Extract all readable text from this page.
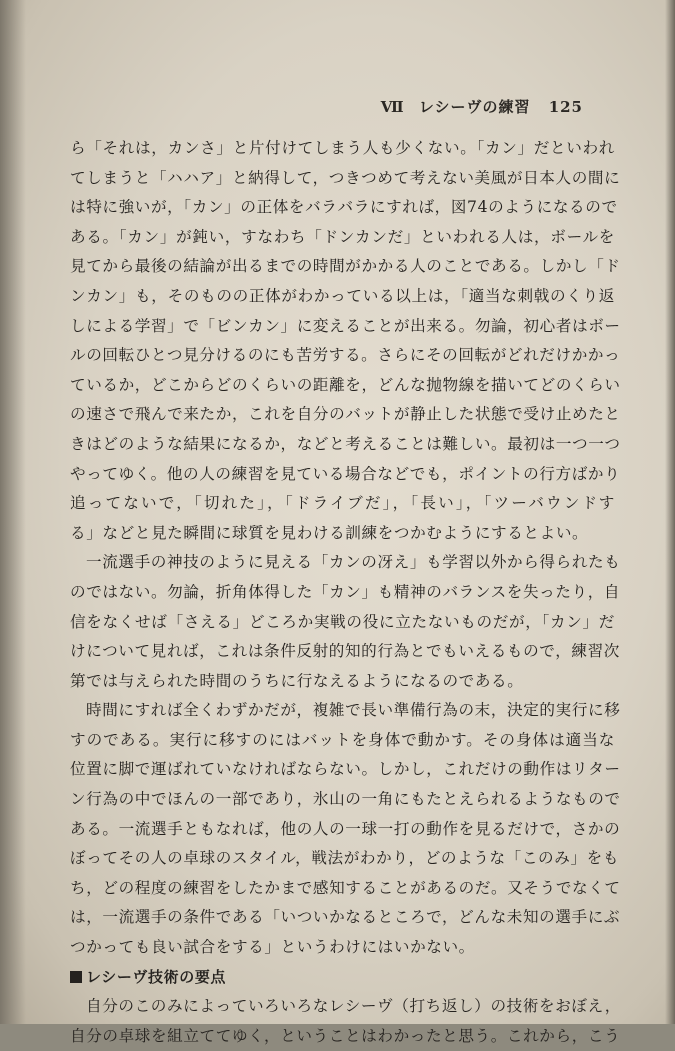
Ⅶ レシーヴの練習 125
ら「それは，カンさ」と片付けてしまう人も少くない。「カン」だといわれ
てしまうと「ハハア」と納得して，つきつめて考えない美風が日本人の間に
は特に強いが，「カン」の正体をバラバラにすれば，図74のようになるので
ある。「カン」が鈍い，すなわち「ドンカンだ」といわれる人は，ボールを
見てから最後の結論が出るまでの時間がかかる人のことである。しかし「ド
ンカン」も，そのものの正体がわかっている以上は，「適当な刺戟のくり返
しによる学習」で「ビンカン」に変えることが出来る。勿論，初心者はボー
ルの回転ひとつ見分けるのにも苦労する。さらにその回転がどれだけかかっ
ているか，どこからどのくらいの距離を，どんな抛物線を描いてどのくらい
の速さで飛んで来たか，これを自分のバットが静止した状態で受け止めたと
きはどのような結果になるか，などと考えることは難しい。最初は一つ一つ
やってゆく。他の人の練習を見ている場合などでも，ポイントの行方ばかり
追ってないで，「切れた」，「ドライブだ」，「長い」，「ツーバウンドす
る」などと見た瞬間に球質を見わける訓練をつかむようにするとよい。
一流選手の神技のように見える「カンの冴え」も学習以外から得られたも
のではない。勿論，折角体得した「カン」も精神のバランスを失ったり，自
信をなくせば「さえる」どころか実戦の役に立たないものだが，「カン」だ
けについて見れば，これは条件反射的知的行為とでもいえるもので，練習次
第では与えられた時間のうちに行なえるようになるのである。
時間にすれば全くわずかだが，複雑で長い準備行為の末，決定的実行に移
すのである。実行に移すのにはバットを身体で動かす。その身体は適当な
位置に脚で運ばれていなければならない。しかし，これだけの動作はリター
ン行為の中でほんの一部であり，氷山の一角にもたとえられるようなもので
ある。一流選手ともなれば，他の人の一球一打の動作を見るだけで，さかの
ぼってその人の卓球のスタイル，戦法がわかり，どのような「このみ」をも
ち，どの程度の練習をしたかまで感知することがあるのだ。又そうでなくて
は，一流選手の条件である「いついかなるところで，どんな未知の選手にぶ
つかっても良い試合をする」というわけにはいかない。
レシーヴ技術の要点
自分のこのみによっていろいろなレシーヴ（打ち返し）の技術をおぼえ，
自分の卓球を組立ててゆく，ということはわかったと思う。これから，こう
